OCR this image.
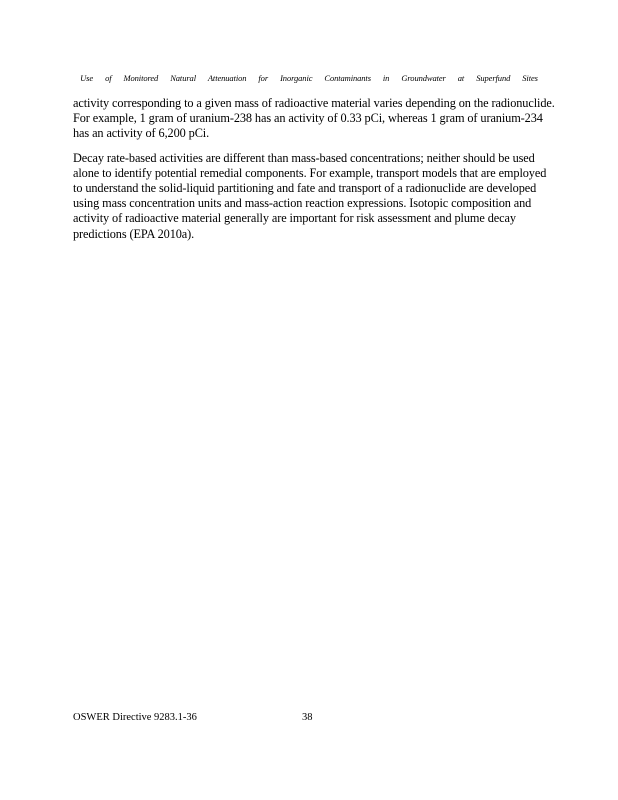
Use of Monitored Natural Attenuation for Inorganic Contaminants in Groundwater at Superfund Sites

activity corresponding to a given mass of radioactive material varies depending on the radionuclide. For example, 1 gram of uranium-238 has an activity of 0.33 pCi, whereas 1 gram of uranium-234 has an activity of 6,200 pCi.

Decay rate-based activities are different than mass-based concentrations; neither should be used alone to identify potential remedial components. For example, transport models that are employed to understand the solid-liquid partitioning and fate and transport of a radionuclide are developed using mass concentration units and mass-action reaction expressions. Isotopic composition and activity of radioactive material generally are important for risk assessment and plume decay predictions (EPA 2010a).

OSWER Directive 9283.1-36	38
